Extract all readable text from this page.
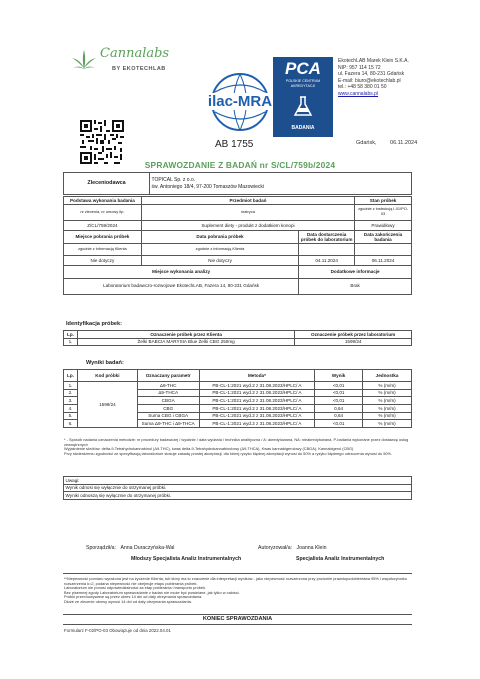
Cannalabs
BY EKOTECHLAB
ilac-MRA
PCA
POLSKIE CENTRUM
AKREDYTACJI
BADANIA
EkotechLAB Marek Klein S.K.A.
NIP: 957 114 15 72
ul. Fazera 14, 80-231 Gdańsk
E-mail: biuro@ekotechlab.pl
tel.: +48 58 380 01 50
www.cannalabs.pl
AB 1755	Gdańsk, 06.11.2024
SPRAWOZDANIE Z BADAŃ nr S/CL/759b/2024
Zleceniodawca	
TOPICAL Sp. z o.o.
św. Antoniego 18/4, 97-200 Tomaszów Mazowiecki
Podstawa wykonania badania	Przedmiot badań		Stan próbek
nr zlecenia, nr umowy itp.	matryca		zgodnie z instrukcją I-01/PO-03
Z/CL/759/2024	Suplement diety - produkt z dodatkiem konopi		Prawidłowy
Miejsce pobrania próbek	Data pobrania próbek	Data dostarczenia próbek do laboratorium	Data zakończenia badania
zgodnie z informacją Klienta	zgodnie z informacją Klienta		
Nie dotyczy	Nie dotyczy	04.11.2024	06.11.2024
Miejsce wykonania analizy		Dodatkowe informacje	
Laboratorium badawczo-rozwojowe EkotechLAB, Fazera 14, 80-231 Gdańsk		Brak	
Identyfikacja próbek:
Lp.	Oznaczenie próbek przez Klienta	Oznaczenie próbek przez laboratorium
1.	Żelki BABCIA MARYSIA Blue Żelki CBG 250mg	1599/24
Wyniki badań:
Lp.	Kod próbki	Oznaczany parametr	Metoda*	Wynik	Jednostka
1.	1599/24	Δ9-THC	PB-CL-1:2021 wyd.2 z 31.08.2023/HPLC/ A	<0,01	% (m/m)
2.		Δ9-THCA	PB-CL-1:2021 wyd.2 z 31.08.2023/HPLC/ A	<0,01	% (m/m)
3.		CBGA	PB-CL-1:2021 wyd.2 z 31.08.2023/HPLC/ A	<0,01	% (m/m)
4.		CBG	PB-CL-1:2021 wyd.2 z 31.08.2023/HPLC/ A	0,64	% (m/m)
5.		Suma CBG i CBGA	PB-CL-1:2021 wyd.2 z 31.08.2023/HPLC/ A	0,64	% (m/m)
6.		Suma Δ9-THC i Δ9-THCA	PB-CL-1:2021 wyd.2 z 31.08.2023/HPLC/ A	<0,01	% (m/m)
* - Sposób nadania oznaczenia metodzie: nr procedury badawczej / wydanie / data wydania / technika analityczna / A: akredytowana, NA: nieakredytowana, P-badania wykonane przez dostawcę usług zewnętrznych
Wyjaśnienie skrótów: delta-9-Tetrahydrokannabinol (Δ9-THC), kwas delta-9-Tetrahydrokannabinolowy (Δ9-THCA), Kwas kannabigerolowy (CBGA), Kannabigerol (CBG)
Przy stwierdzeniu zgodności ze specyfikacją laboratorium stosuje zasadę prostej akceptacji, dla której ryzyko błędnej akceptacji wynosi do 50% a ryzyko błędnego odrzucenia wynosi do 50%.
Uwagi:
Wynik odnosi się wyłącznie do otrzymanej próbki.
Wyniki odnoszą się wyłącznie do otrzymanej próbki.
Sporządził/a: Anna Duraczyńska-Wal
Młodszy Specjalista Analiz Instrumentalnych
Autoryzował/a: Joanna Klein
Specjalista Analiz Instrumentalnych
**Niepewność pomiaru wyrażona jest na życzenie Klienta, tub który ma to znaczenie dla interpretacji wyników - jako niepewność rozszerzona przy poziomie prawdopodobieństwa 95% i współczynniku rozszerzenia k=2, podana niepewność nie obejmuje etapu pobierania próbek.
Laboratorium nie ponosi odpowiedzialności za etap pobierania i transportu próbek.
Bez pisemnej zgody Laboratorium sprawozdanie z badań nie może być powielane, jak tylko w całości.
Próbki przechowywane są przez okres 14 dni od daty otrzymania sprawozdania.
Dłuże ze zlecenie okresy wynosi 14 dni od daty otrzymania sprawozdania.
KONIEC SPRAWOZDANIA
Formularz F-02/PO-03 Obowiązuje od dnia 2022.04.01
